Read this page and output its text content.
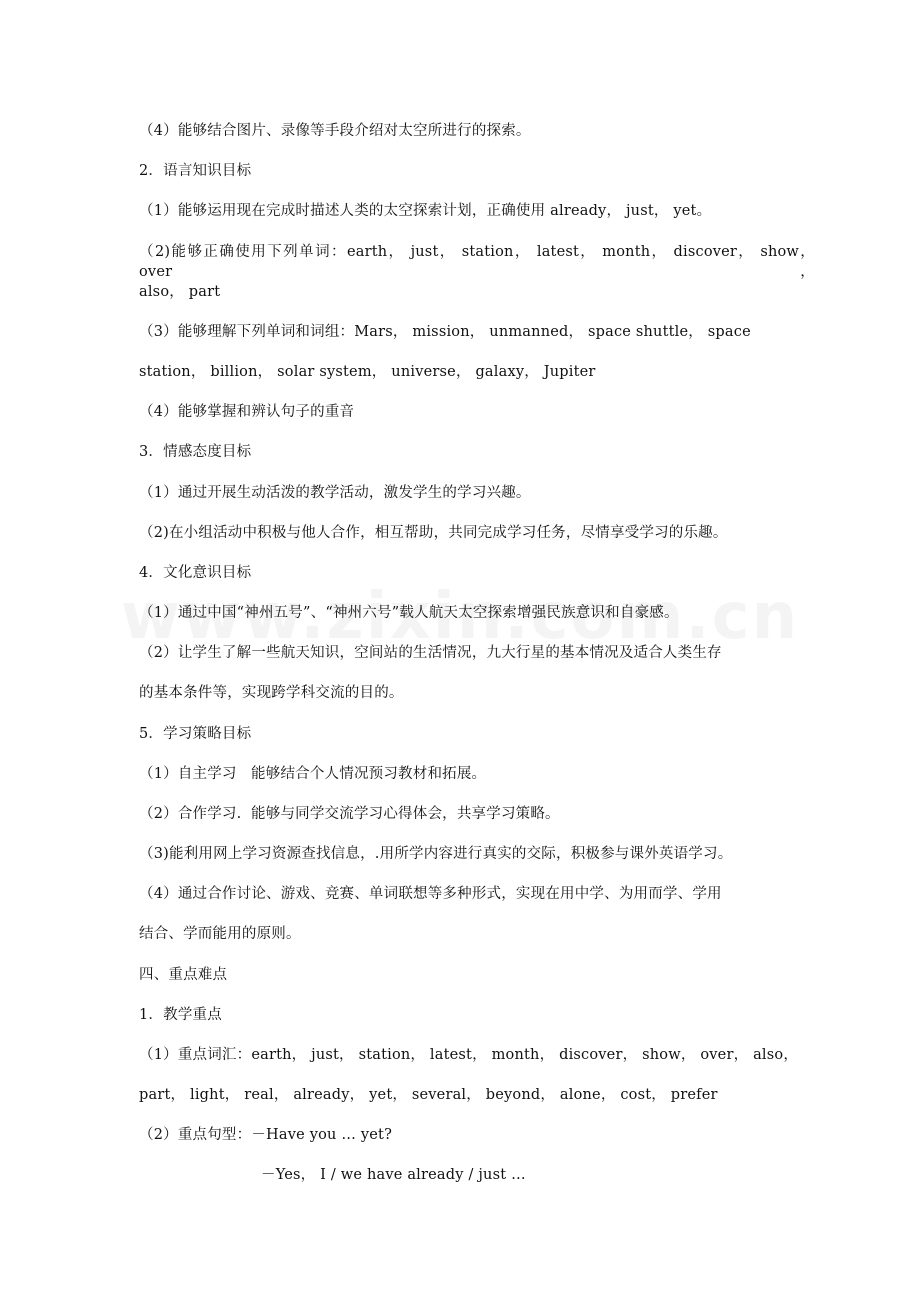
（4）能够结合图片、录像等手段介绍对太空所进行的探索。
2．语言知识目标
（1）能够运用现在完成时描述人类的太空探索计划，正确使用 already， just， yet。
（2)能够正确使用下列单词：earth， just， station， latest， month， discover， show， over，
also， part
（3）能够理解下列单词和词组：Mars， mission， unmanned， space shuttle， space
station， billion， solar system， universe， galaxy， Jupiter
（4）能够掌握和辨认句子的重音
3．情感态度目标
（1）通过开展生动活泼的教学活动，激发学生的学习兴趣。
（2)在小组活动中积极与他人合作，相互帮助，共同完成学习任务，尽情享受学习的乐趣。
4．文化意识目标
（1）通过中国“神州五号”、“神州六号”载人航天太空探索增强民族意识和自豪感。
（2）让学生了解一些航天知识，空间站的生活情况，九大行星的基本情况及适合人类生存
的基本条件等，实现跨学科交流的目的。
5．学习策略目标
（1）自主学习   能够结合个人情况预习教材和拓展。
（2）合作学习.  能够与同学交流学习心得体会，共享学习策略。
（3)能利用网上学习资源查找信息，.用所学内容进行真实的交际，积极参与课外英语学习。
（4）通过合作讨论、游戏、竞赛、单词联想等多种形式，实现在用中学、为用而学、学用
结合、学而能用的原则。
四、重点难点
1．教学重点
（1）重点词汇：earth， just， station， latest， month， discover， show， over， also，
part， light， real， already， yet， several， beyond， alone， cost， prefer
（2）重点句型：－Have you … yet?
－Yes， I / we have already / just …
